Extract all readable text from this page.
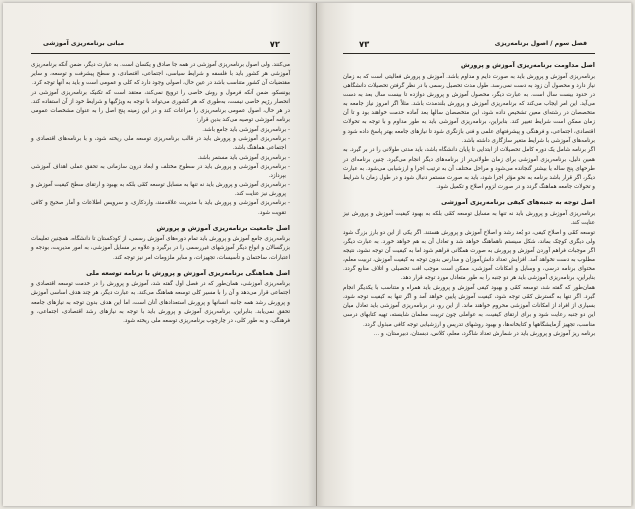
مبانی برنامه‌ریزی آموزشی	۷۲

می‌کنند. ولی اصول برنامه‌ریزی آموزشی در همه جا صادق و یکسان است. به عبارت دیگر، ضمن آنکه برنامه‌ریزی آموزشی هر کشور باید با فلسفه و شرایط سیاسی، اجتماعی، اقتصادی، و سطح پیشرفت و توسعه، و سایر مقتضیات آن کشور متناسب باشد در عین حال، اصولی وجود دارد که کلی و عمومی است و باید به آنها توجه کرد.

یونسکو، ضمن آنکه فرمول و روش خاصی را ترویج نمی‌کند، معتقد است که تکنیک برنامه‌ریزی آموزشی در انحصار رژیم خاصی نیست، به‌طوری که هر کشوری می‌تواند با توجه به ویژگیها و شرایط خود از آن استفاده کند. در هر حال، اصول عمومی برنامه‌ریزی را مراعات کند و در این زمینه پنج اصل را به عنوان مشخصات عمومی برنامه آموزشی توصیه می‌کند بدین قرار:

- برنامه‌ریزی آموزشی باید جامع باشد.
- برنامه‌ریزی آموزشی و پرورش باید در قالب برنامه‌ریزی توسعه ملی ریخته شود، و با برنامه‌های اقتصادی و اجتماعی هماهنگ باشد.
- برنامه‌ریزی آموزشی باید مستمر باشد.
- برنامه‌ریزی آموزشی و پرورش باید در سطوح مختلف و ابعاد درون سازمانی به تحقق عملی اهداف آموزشی بپردازد.
- برنامه‌ریزی آموزشی و پرورش باید نه تنها به مسایل توسعه کمّی بلکه به بهبود و ارتقای سطح کیفیت آموزش و پرورش نیز عنایت کند.
- برنامه‌ریزی آموزشی و پرورش باید با مدیریت علاقه‌مند، واردکاری، و سرویس اطلاعات و آمار صحیح و کافی تقویت شود.
اصل جامعیت برنامه‌ریزی آموزش و پرورش

برنامه‌ریزی جامع آموزش و پرورش باید تمام دوره‌های آموزش رسمی، از کودکستان تا دانشگاه، همچنین تعلیمات بزرگسالان و انواع دیگر آموزشهای غیررسمی را در برگیرد و علاوه بر مسایل آموزشی، به امور مدیریت، بودجه و اعتبارات، ساختمان و تأسیسات، تجهیزات، و سایر ملزومات امر نیز توجه کند.

اصل هماهنگی برنامه‌ریزی آموزش و پرورش با برنامه توسعه ملی

برنامه‌ریزی آموزشی، همان‌طور که در فصل اول گفته شد، آموزش و پرورش را در خدمت توسعه اقتصادی و اجتماعی قرار می‌دهد و آن را با مسیر کلی توسعه هماهنگ می‌کند. به عبارت دیگر، هر چند هدف اساسی آموزش و پرورش رشد همه جانبه انسانها و پرورش استعدادهای آنان است، اما این هدف بدون توجه به نیازهای جامعه تحقق نمی‌یابد. بنابراین، برنامه‌ریزی آموزش و پرورش باید با توجه به نیازهای رشد اقتصادی، اجتماعی، و فرهنگی، و به طور کلی، در چارچوب برنامه‌ریزی توسعه ملی ریخته شود.

فصل سوم / اصول برنامه‌ریزی
۷۳
اصل مداومت برنامه‌ریزی آموزش و پرورش

برنامه‌ریزی آموزش و پرورش باید به صورت دایم و مداوم باشد. آموزش و پرورش فعالیتی است که به زمان نیاز دارد و محصول آن زود به دست نمی‌رسد. طول مدت تحصیل رسمی با در نظر گرفتن تحصیلات دانشگاهی در حدود بیست سال است. به عبارت دیگر، محصول آموزش و پرورش دوازده تا بیست سال بعد به دست می‌آید. این امر ایجاب می‌کند که برنامه‌ریزی آموزش و پرورش بلندمدت باشد. مثلاً اگر امروز نیاز جامعه به متخصصان در رشته‌ای معین تشخیص داده شود، این متخصصان سالها بعد آماده خدمت خواهند بود و تا آن زمان ممکن است شرایط تغییر کند. بنابراین، برنامه‌ریزی آموزشی باید به طور مداوم و با توجه به تحولات اقتصادی، اجتماعی، و فرهنگی و پیشرفتهای علمی و فنی بازنگری شود تا نیازهای جامعه بهتر پاسخ داده شود و برنامه‌های آموزشی با شرایط متغیر سازگاری داشته باشد.

اگر برنامه شامل یک دوره کامل تحصیلات از ابتدایی تا پایان دانشگاه باشد، باید مدتی طولانی را در بر گیرد. به همین دلیل، برنامه‌ریزی آموزشی برای زمان طولانی‌تر از برنامه‌های دیگر انجام می‌گیرد. چنین برنامه‌ای در طرحهای پنج ساله یا بیشتر گنجانده می‌شود و مراحل مختلف آن به ترتیب اجرا و ارزشیابی می‌شود. به عبارت دیگر، اگر قرار باشد برنامه به نحو مؤثر اجرا شود، باید به صورت مستمر دنبال شود و در طول زمان با شرایط و تحولات جامعه هماهنگ گردد و در صورت لزوم اصلاح و تکمیل شود.

اصل توجه به جنبه‌های کیفی برنامه‌ریزی آموزشی

برنامه‌ریزی آموزش و پرورش باید نه تنها به مسایل توسعه کمّی بلکه به بهبود کیفیت آموزش و پرورش نیز عنایت کند.

توسعه کمّی و اصلاح کیفی، دو بُعد رشد و اصلاح آموزش و پرورش هستند. اگر یکی از این دو بارز بزرگ شود ولی دیگری کوچک بماند، شکل سیستم ناهماهنگ خواهد شد و تعادل آن به هم خواهد خورد. به عبارت دیگر، اگر موجبات فراهم آوردن آموزش و پرورش به صورت همگانی فراهم شود اما به کیفیت آن توجه نشود، نتیجه مطلوب به دست نخواهد آمد. افزایش تعداد دانش‌آموزان و مدارس بدون توجه به کیفیت آموزش، تربیت معلم، محتوای برنامه درسی، و وسایل و امکانات آموزشی، ممکن است موجب افت تحصیلی و اتلاف منابع گردد. بنابراین، برنامه‌ریزی آموزشی باید هر دو جنبه را به طور متعادل مورد توجه قرار دهد.

همان‌طور که گفته شد، توسعه کمّی و بهبود کیفی آموزش و پرورش باید همراه و متناسب با یکدیگر انجام گیرد. اگر تنها به گسترش کمّی توجه شود، کیفیت آموزش پایین خواهد آمد و اگر تنها به کیفیت توجه شود، بسیاری از افراد از امکانات آموزشی محروم خواهند ماند. از این رو، در برنامه‌ریزی آموزشی باید تعادل میان این دو جنبه رعایت شود و برای ارتقای کیفیت، به عواملی چون تربیت معلمان شایسته، تهیه کتابهای درسی مناسب، تجهیز آزمایشگاهها و کتابخانه‌ها، و بهبود روشهای تدریس و ارزشیابی توجه کافی مبذول گردد.

برنامه ریز آموزش و پرورش باید در شمارش تعداد شاگرد، معلم، کلاس، دبستان، دبیرستان، و ...
